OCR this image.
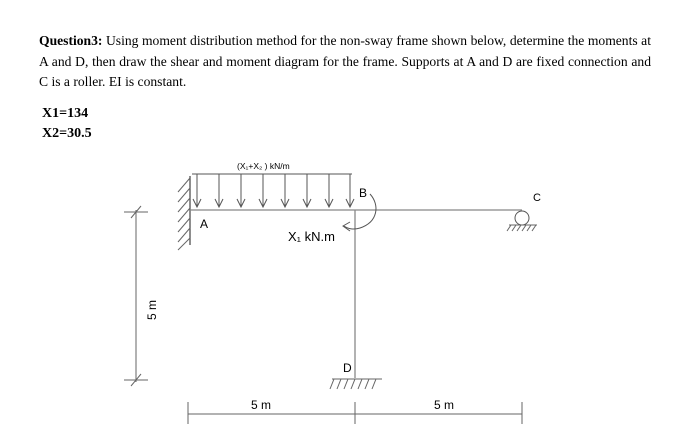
Question3: Using moment distribution method for the non-sway frame shown below, determine the moments at A and D, then draw the shear and moment diagram for the frame. Supports at A and D are fixed connection and C is a roller. EI is constant.
X1=134
X2=30.5
(X₁+X₂ ) kN/m
X₁ kN.m
A
B	C
D
5 m
5 m	5 m
